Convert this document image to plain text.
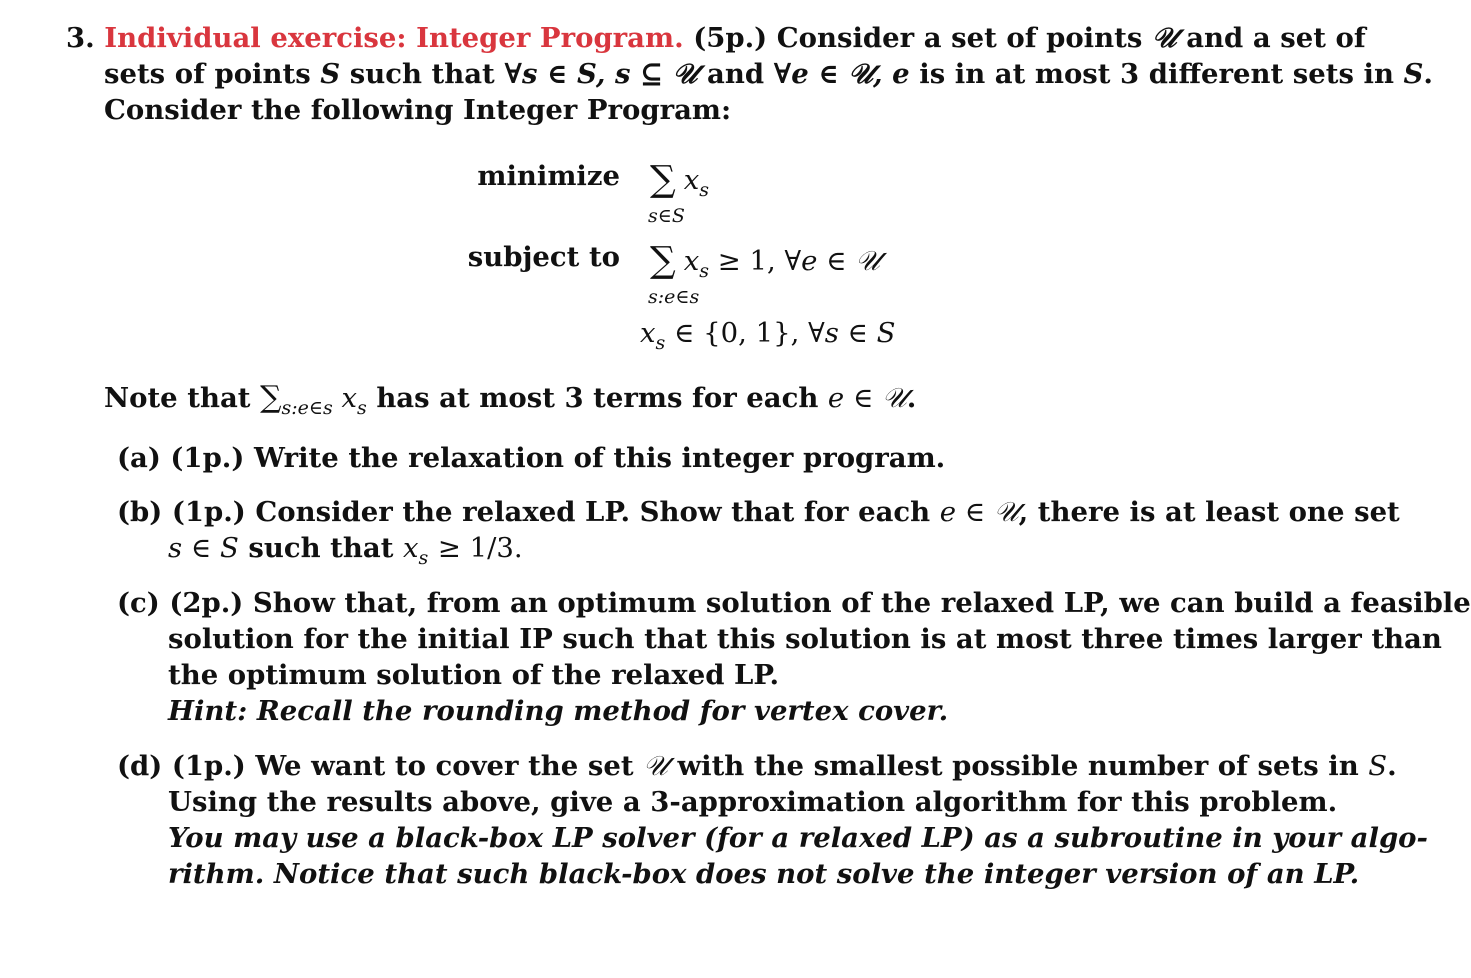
3. Individual exercise: Integer Program. (5p.) Consider a set of points 𝒰 and a set of
sets of points S such that ∀s ∈ S, s ⊆ 𝒰 and ∀e ∈ 𝒰, e is in at most 3 different sets in S.
Consider the following Integer Program:
minimize ∑ $x_s$
s∈S
subject to ∑ $x_s \ge 1$, ∀e ∈ 𝒰
s:e∈s
$x_s$ ∈ {0, 1}, ∀s ∈ S
Note that $\sum_{s:e\in s}$ $x_s$ has at most 3 terms for each e ∈ 𝒰.
(a) (1p.) Write the relaxation of this integer program.
(b) (1p.) Consider the relaxed LP. Show that for each e ∈ 𝒰, there is at least one set
s ∈ S such that $x_s \ge 1/3$.
(c) (2p.) Show that, from an optimum solution of the relaxed LP, we can build a feasible
solution for the initial IP such that this solution is at most three times larger than
the optimum solution of the relaxed LP.
Hint: Recall the rounding method for vertex cover.
(d) (1p.) We want to cover the set 𝒰 with the smallest possible number of sets in S.
Using the results above, give a 3-approximation algorithm for this problem.
You may use a black-box LP solver (for a relaxed LP) as a subroutine in your algo-
rithm. Notice that such black-box does not solve the integer version of an LP.
